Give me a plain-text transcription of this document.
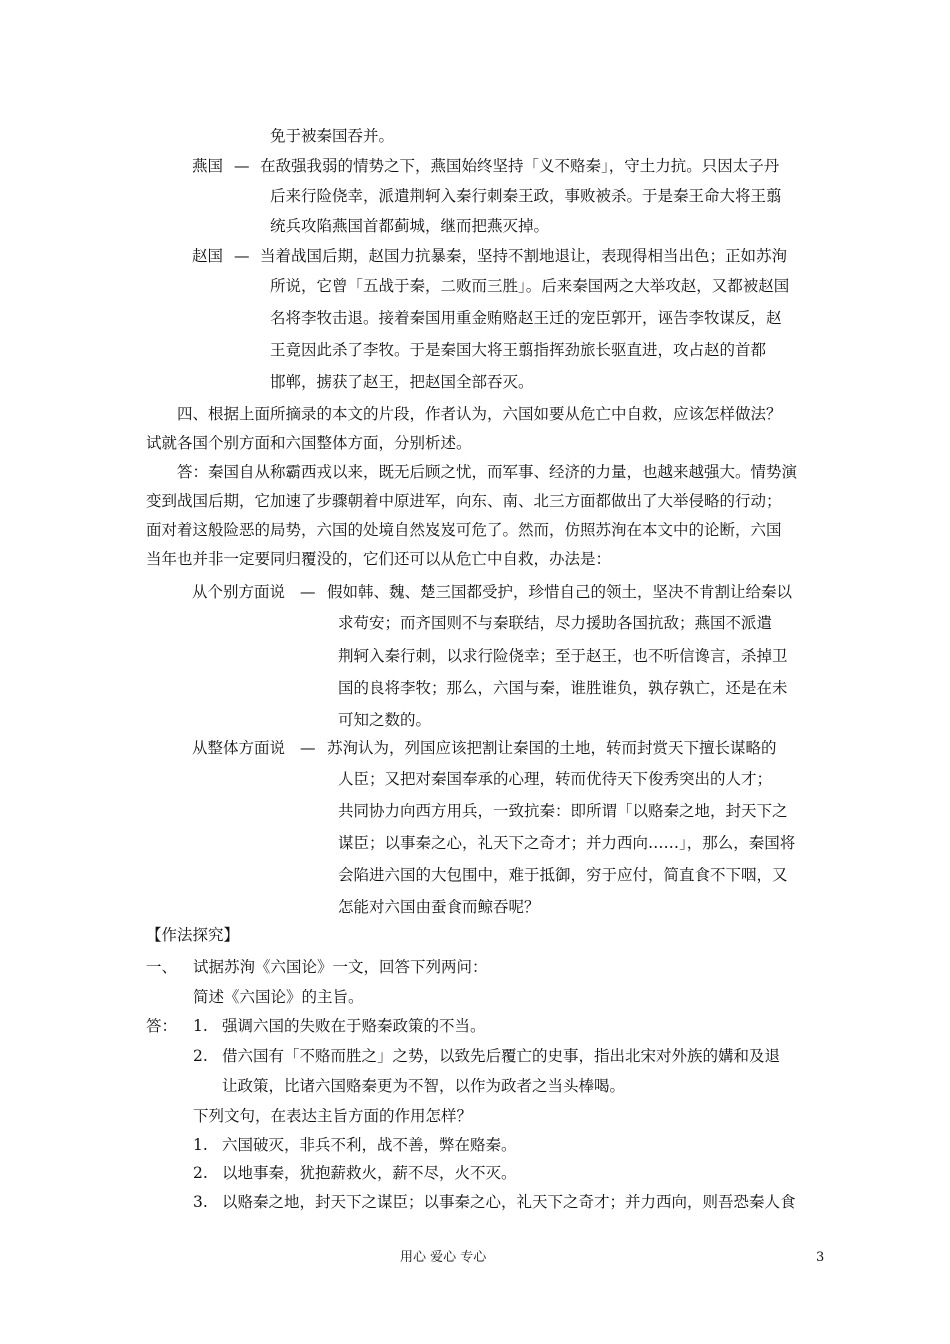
免于被秦国吞并。
燕国 — 在敌强我弱的情势之下，燕国始终坚持「义不赂秦」，守土力抗。只因太子丹
后来行险侥幸，派遣荆轲入秦行刺秦王政，事败被杀。于是秦王命大将王翦
统兵攻陷燕国首都蓟城，继而把燕灭掉。
赵国 — 当着战国后期，赵国力抗暴秦，坚持不割地退让，表现得相当出色；正如苏洵
所说，它曾「五战于秦，二败而三胜」。后来秦国两之大举攻赵，又都被赵国
名将李牧击退。接着秦国用重金贿赂赵王迁的宠臣郭开，诬告李牧谋反，赵
王竟因此杀了李牧。于是秦国大将王翦指挥劲旅长驱直进，攻占赵的首都
邯郸，掳获了赵王，把赵国全部吞灭。
四、根据上面所摘录的本文的片段，作者认为，六国如要从危亡中自救，应该怎样做法？
试就各国个别方面和六国整体方面，分别析述。
答：秦国自从称霸西戎以来，既无后顾之忧，而军事、经济的力量，也越来越强大。情势演
变到战国后期，它加速了步骤朝着中原进军，向东、南、北三方面都做出了大举侵略的行动；
面对着这般险恶的局势，六国的处境自然岌岌可危了。然而，仿照苏洵在本文中的论断，六国
当年也并非一定要同归覆没的，它们还可以从危亡中自救，办法是：
从个别方面说 — 假如韩、魏、楚三国都受护，珍惜自己的领土，坚决不肯割让给秦以
求苟安；而齐国则不与秦联结，尽力援助各国抗敌；燕国不派遣
荆轲入秦行刺，以求行险侥幸；至于赵王，也不听信谗言，杀掉卫
国的良将李牧；那么，六国与秦，谁胜谁负，孰存孰亡，还是在未
可知之数的。
从整体方面说 — 苏洵认为，列国应该把割让秦国的土地，转而封赏天下擅长谋略的
人臣；又把对秦国奉承的心理，转而优待天下俊秀突出的人才；
共同协力向西方用兵，一致抗秦：即所谓「以赂秦之地，封天下之
谋臣；以事秦之心，礼天下之奇才；并力西向……」，那么，秦国将
会陷进六国的大包围中，难于抵御，穷于应付，简直食不下咽，又
怎能对六国由蚕食而鲸吞呢？
【作法探究】
一、 试据苏洵《六国论》一文，回答下列两问：
简述《六国论》的主旨。
答： 1. 强调六国的失败在于赂秦政策的不当。
2. 借六国有「不赂而胜之」之势，以致先后覆亡的史事，指出北宋对外族的媾和及退
让政策，比诸六国赂秦更为不智，以作为政者之当头棒喝。
下列文句，在表达主旨方面的作用怎样？
1. 六国破灭，非兵不利，战不善，弊在赂秦。
2. 以地事秦，犹抱薪救火，薪不尽，火不灭。
3. 以赂秦之地，封天下之谋臣；以事秦之心，礼天下之奇才；并力西向，则吾恐秦人食
用心 爱心 专心	3
